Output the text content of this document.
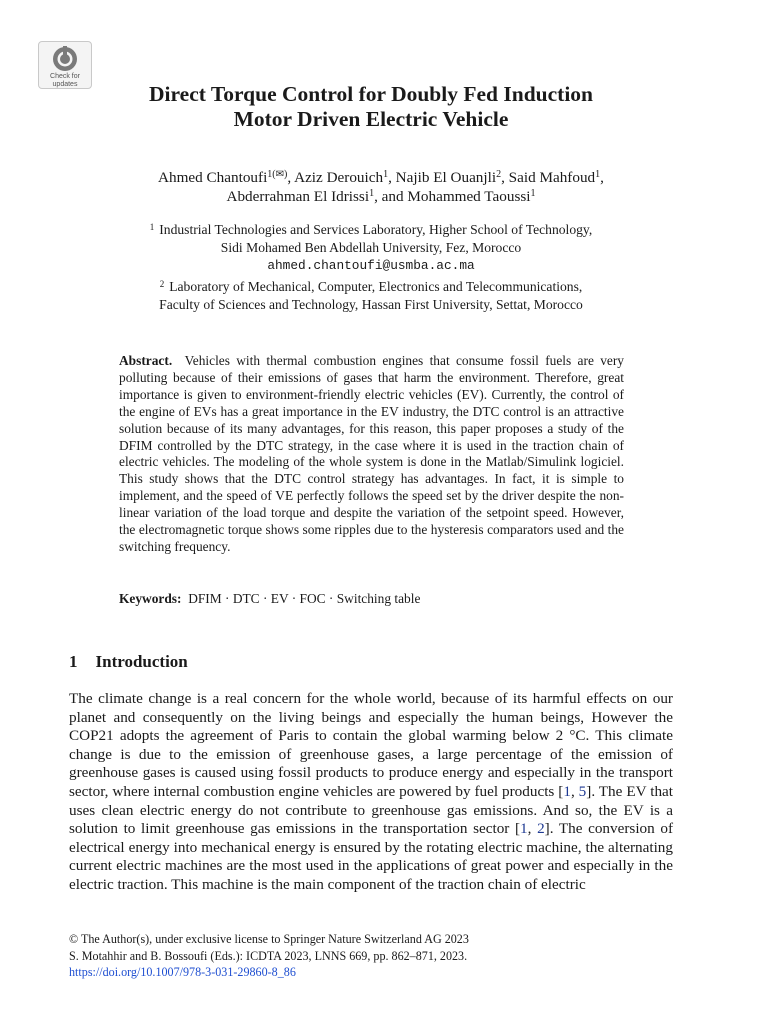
Check for
updates	Direct Torque Control for Doubly Fed Induction
Motor Driven Electric Vehicle
Ahmed Chantoufi$^{1(✉)}$, Aziz Derouich$^1$, Najib El Ouanjli$^2$, Said Mahfoud$^1$,
Abderrahman El Idrissi$^1$, and Mohammed Taoussi$^1$
$^1$ Industrial Technologies and Services Laboratory, Higher School of Technology,
Sidi Mohamed Ben Abdellah University, Fez, Morocco
ahmed.chantoufi@usmba.ac.ma
$^2$ Laboratory of Mechanical, Computer, Electronics and Telecommunications,
Faculty of Sciences and Technology, Hassan First University, Settat, Morocco
Abstract. Vehicles with thermal combustion engines that consume fossil fuels are very polluting because of their emissions of gases that harm the environment. Therefore, great importance is given to environment-friendly electric vehicles (EV). Currently, the control of the engine of EVs has a great importance in the EV industry, the DTC control is an attractive solution because of its many advantages, for this reason, this paper proposes a study of the DFIM controlled by the DTC strategy, in the case where it is used in the traction chain of electric vehicles. The modeling of the whole system is done in the Matlab/Simulink logiciel. This study shows that the DTC control strategy has advantages. In fact, it is simple to implement, and the speed of VE perfectly follows the speed set by the driver despite the non-linear variation of the load torque and despite the variation of the setpoint speed. However, the electromagnetic torque shows some ripples due to the hysteresis comparators used and the switching frequency.
Keywords: DFIM · DTC · EV · FOC · Switching table
1 Introduction

The climate change is a real concern for the whole world, because of its harmful effects on our planet and consequently on the living beings and especially the human beings, However the COP21 adopts the agreement of Paris to contain the global warming below 2 °C. This climate change is due to the emission of greenhouse gases, a large percentage of the emission of greenhouse gases is caused using fossil products to produce energy and especially in the transport sector, where internal combustion engine vehicles are powered by fuel products [1, 5]. The EV that uses clean electric energy do not contribute to greenhouse gas emissions. And so, the EV is a solution to limit greenhouse gas emissions in the transportation sector [1, 2]. The conversion of electrical energy into mechanical energy is ensured by the rotating electric machine, the alternating current electric machines are the most used in the applications of great power and especially in the electric traction. This machine is the main component of the traction chain of electric

© The Author(s), under exclusive license to Springer Nature Switzerland AG 2023
S. Motahhir and B. Bossoufi (Eds.): ICDTA 2023, LNNS 669, pp. 862–871, 2023.
https://doi.org/10.1007/978-3-031-29860-8_86
